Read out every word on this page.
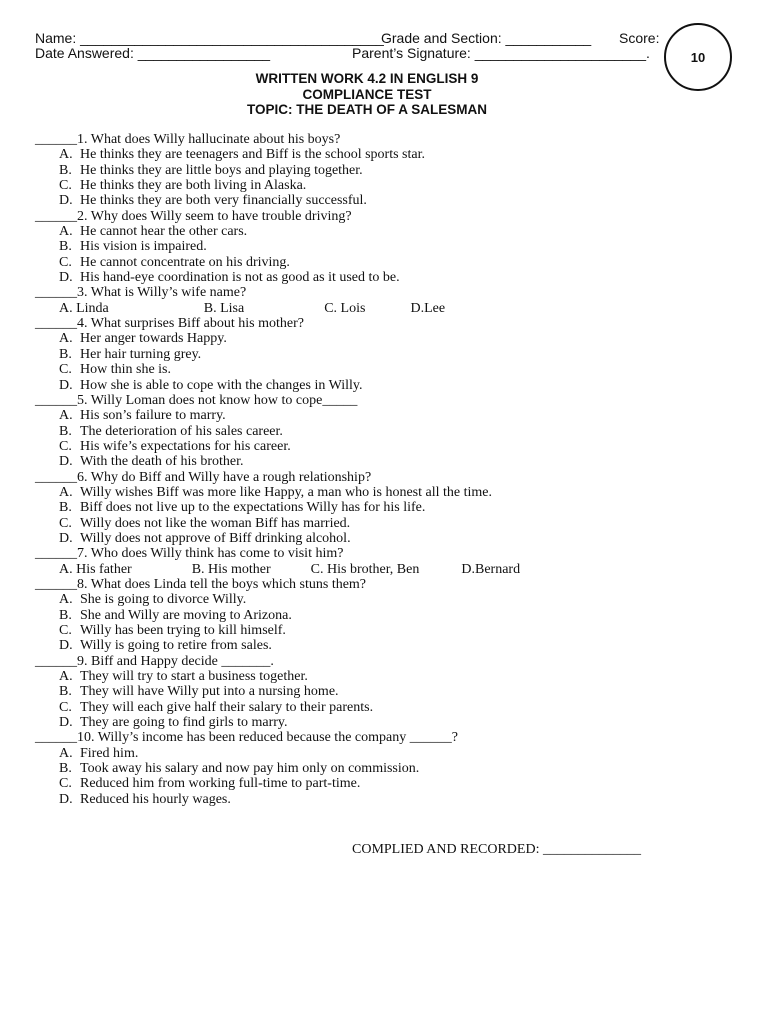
Name: _______________________________________
Grade and Section: ___________ Score:
Date Answered: _________________	Parent’s Signature: ______________________.	10
WRITTEN WORK 4.2 IN ENGLISH 9
COMPLIANCE TEST
TOPIC: THE DEATH OF A SALESMAN
______1. What does Willy hallucinate about his boys?
A. He thinks they are teenagers and Biff is the school sports star.
B. He thinks they are little boys and playing together.
C. He thinks they are both living in Alaska.
D. He thinks they are both very financially successful.
______2. Why does Willy seem to have trouble driving?
A. He cannot hear the other cars.
B. His vision is impaired.
C. He cannot concentrate on his driving.
D. His hand-eye coordination is not as good as it used to be.
______3. What is Willy’s wife name?
A. Linda	B. Lisa	C. Lois	D.Lee
______4. What surprises Biff about his mother?
A. Her anger towards Happy.
B. Her hair turning grey.
C. How thin she is.
D. How she is able to cope with the changes in Willy.
______5. Willy Loman does not know how to cope_____
A. His son’s failure to marry.
B. The deterioration of his sales career.
C. His wife’s expectations for his career.
D. With the death of his brother.
______6. Why do Biff and Willy have a rough relationship?
A. Willy wishes Biff was more like Happy, a man who is honest all the time.
B. Biff does not live up to the expectations Willy has for his life.
C. Willy does not like the woman Biff has married.
D. Willy does not approve of Biff drinking alcohol.
______7. Who does Willy think has come to visit him?
A. His father	B. His mother	C. His brother, Ben	D.Bernard
______8. What does Linda tell the boys which stuns them?
A. She is going to divorce Willy.
B. She and Willy are moving to Arizona.
C. Willy has been trying to kill himself.
D. Willy is going to retire from sales.
______9. Biff and Happy decide _______.
A. They will try to start a business together.
B. They will have Willy put into a nursing home.
C. They will each give half their salary to their parents.
D. They are going to find girls to marry.
______10. Willy’s income has been reduced because the company ______?
A. Fired him.
B. Took away his salary and now pay him only on commission.
C. Reduced him from working full-time to part-time.
D. Reduced his hourly wages.
COMPLIED AND RECORDED: ______________
